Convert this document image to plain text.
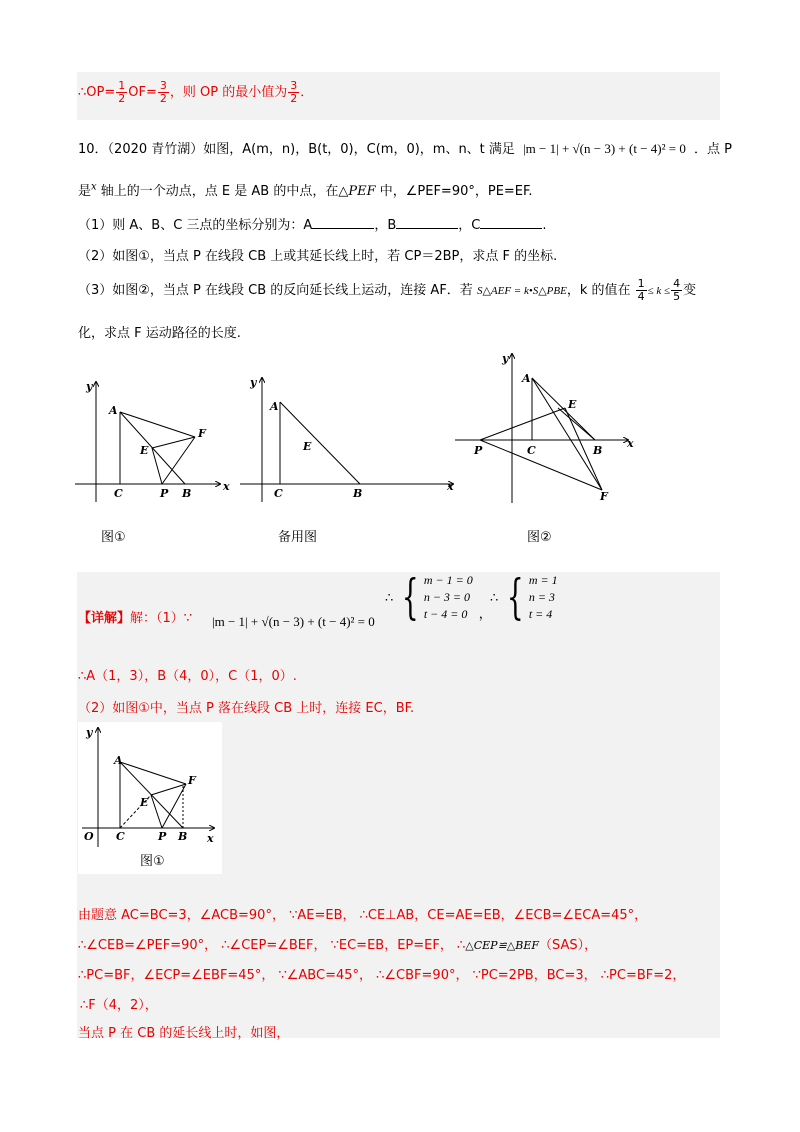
∴OP= $\frac{1}{2} OF= \frac{3}{2}$ ，则 OP 的最小值为 $\frac{3}{2}$ ．
10．（2020 青竹湖）如图，A(m，n)，B(t，0)，C(m，0)，m、n、t 满足 |m − 1| + √(n − 3) + (t − 4)² = 0 ．点 P
是$^x$ 轴上的一个动点，点 E 是 AB 的中点，在△PEF 中，∠PEF=90°，PE=EF.
（1）则 A、B、C 三点的坐标分别为：A	，B	，C	.
（2）如图①，当点 P 在线段 CB 上或其延长线上时，若 CP＝2BP，求点 F 的坐标.
（3）如图②，当点 P 在线段 CB 的反向延长线上运动，连接 AF．若 S△AEF = k•S△PBE，k 的值在 $\frac{1}{4} \le k \le \frac{4}{5}$ 变
化，求点 F 运动路径的长度.
y
A
E
F
C	P B
x
图①
y
A
E
C	B
x
备用图
y
A
E
P	C	B
F
x
图②
【详解】解：（1）∵ |m − 1| + √(n − 3) + (t − 4)² = 0
∴ { m − 1 = 0
n − 3 = 0
t − 4 = 0 ，
∴ { m = 1
n = 3
t = 4
∴A（1，3），B（4，0），C（1，0）.
（2）如图①中，当点 P 落在线段 CB 上时，连接 EC，BF.
y
A
E
F
O C	P B x
图①
由题意 AC=BC=3，∠ACB=90°， ∵AE=EB， ∴CE⊥AB，CE=AE=EB，∠ECB=∠ECA=45°，
∴∠CEB=∠PEF=90°， ∴∠CEP=∠BEF， ∵EC=EB，EP=EF， ∴△CEP≌△BEF（SAS），
∴PC=BF，∠ECP=∠EBF=45°， ∵∠ABC=45°， ∴∠CBF=90°， ∵PC=2PB，BC=3， ∴PC=BF=2，
∴F（4，2），
当点 P 在 CB 的延长线上时，如图，
